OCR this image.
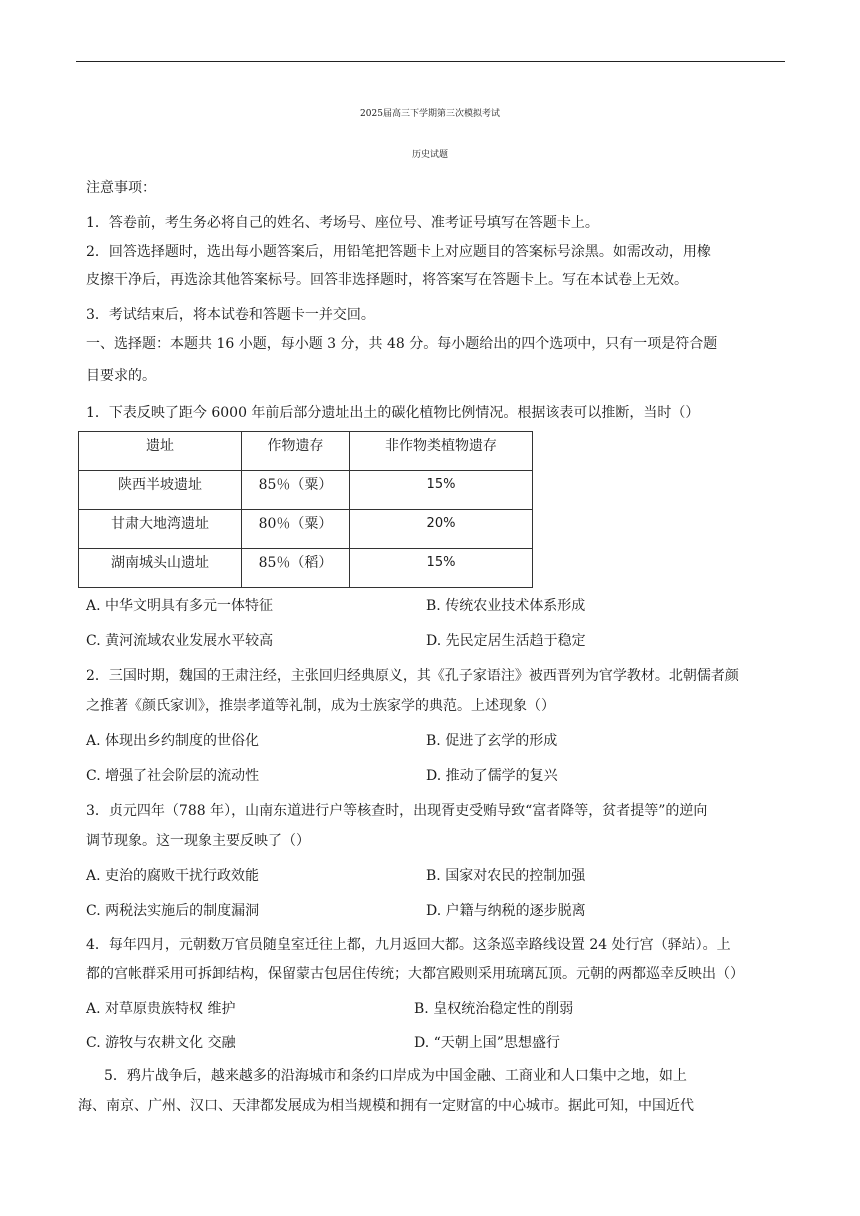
2025届高三下学期第三次模拟考试
历史试题
注意事项：
1．答卷前，考生务必将自己的姓名、考场号、座位号、准考证号填写在答题卡上。
2．回答选择题时，选出每小题答案后，用铅笔把答题卡上对应题目的答案标号涂黑。如需改动，用橡
皮擦干净后，再选涂其他答案标号。回答非选择题时，将答案写在答题卡上。写在本试卷上无效。
3．考试结束后，将本试卷和答题卡一并交回。
一、选择题：本题共 16 小题，每小题 3 分，共 48 分。每小题给出的四个选项中，只有一项是符合题
目要求的。
1．下表反映了距今 6000 年前后部分遗址出土的碳化植物比例情况。根据该表可以推断，当时（）
遗址	作物遗存	非作物类植物遗存
陕西半坡遗址	85％（粟）	15%
甘肃大地湾遗址	80％（粟）	20%
湖南城头山遗址	85％（稻）	15%
A. 中华文明具有多元一体特征	B. 传统农业技术体系形成
C. 黄河流域农业发展水平较高	D. 先民定居生活趋于稳定
2．三国时期，魏国的王肃注经，主张回归经典原义，其《孔子家语注》被西晋列为官学教材。北朝儒者颜
之推著《颜氏家训》，推崇孝道等礼制，成为士族家学的典范。上述现象（）
A. 体现出乡约制度的世俗化	B. 促进了玄学的形成
C. 增强了社会阶层的流动性	D. 推动了儒学的复兴
3．贞元四年（788 年），山南东道进行户等核查时，出现胥吏受贿导致“富者降等，贫者提等”的逆向
调节现象。这一现象主要反映了（）
A. 吏治的腐败干扰行政效能	B. 国家对农民的控制加强
C. 两税法实施后的制度漏洞	D. 户籍与纳税的逐步脱离
4．每年四月，元朝数万官员随皇室迁往上都，九月返回大都。这条巡幸路线设置 24 处行宫（驿站）。上
都的宫帐群采用可拆卸结构，保留蒙古包居住传统；大都宫殿则采用琉璃瓦顶。元朝的两都巡幸反映出（）
A. 对草原贵族特权 维护	B. 皇权统治稳定性的削弱
C. 游牧与农耕文化 交融	D. “天朝上国”思想盛行
5．鸦片战争后，越来越多的沿海城市和条约口岸成为中国金融、工商业和人口集中之地，如上
海、南京、广州、汉口、天津都发展成为相当规模和拥有一定财富的中心城市。据此可知，中国近代
